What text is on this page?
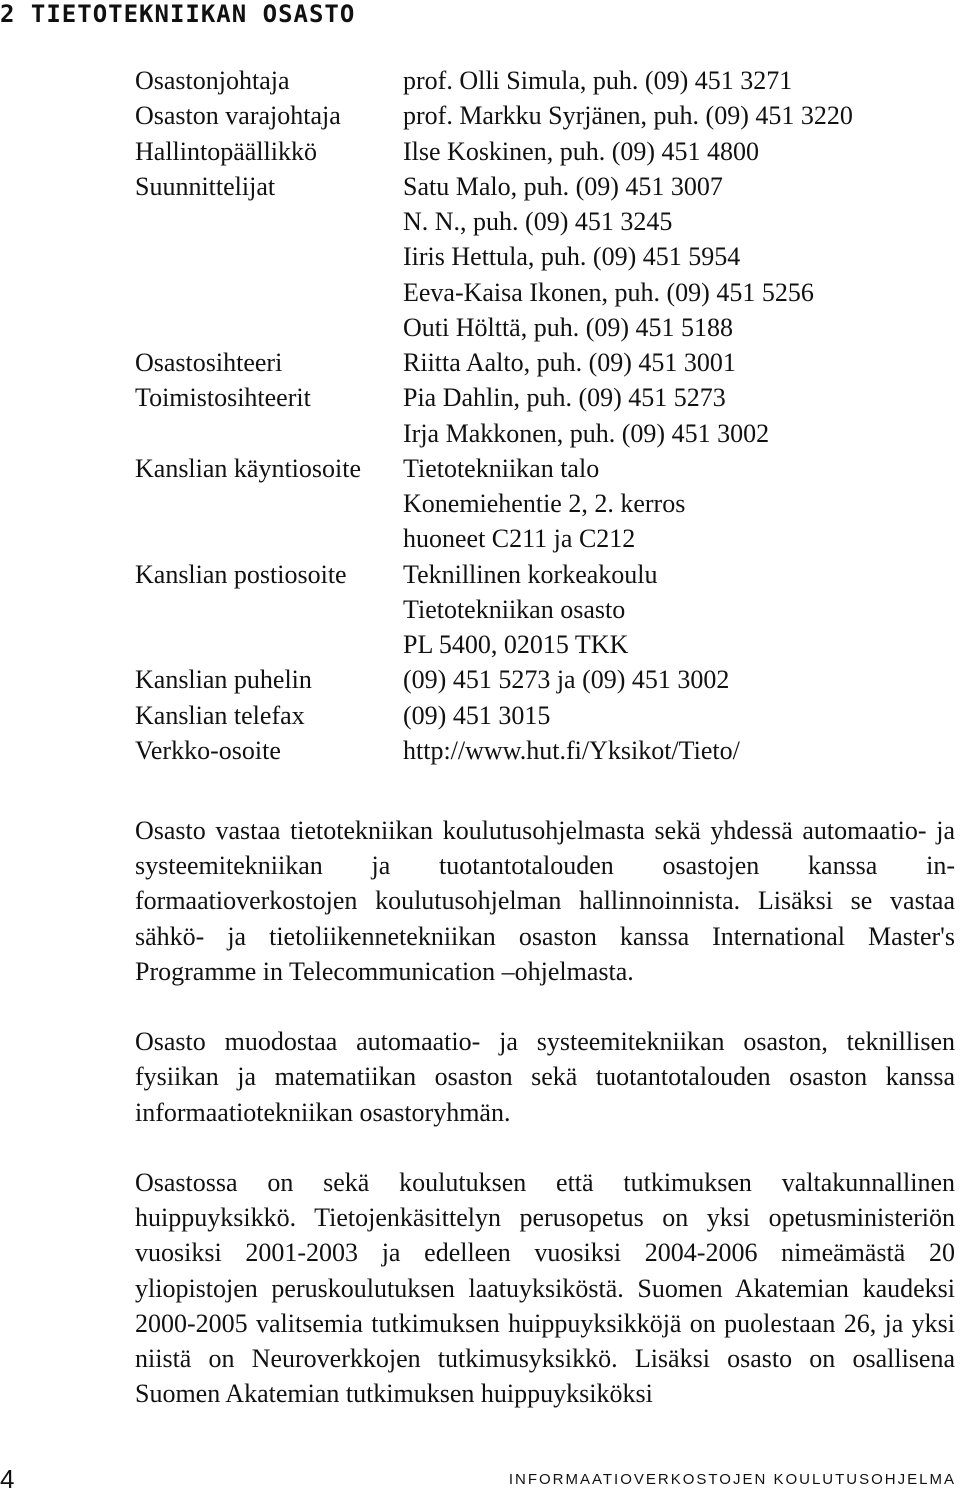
2 TIETOTEKNIIKAN OSASTO
Osastonjohtaja	prof. Olli Simula, puh. (09) 451 3271
Osaston varajohtaja	prof. Markku Syrjänen, puh. (09) 451 3220
Hallintopäällikkö	Ilse Koskinen, puh. (09) 451 4800
Suunnittelijat	Satu Malo, puh. (09) 451 3007
N. N., puh. (09) 451 3245
Iiris Hettula, puh. (09) 451 5954
Eeva-Kaisa Ikonen, puh. (09) 451 5256
Outi Hölttä, puh. (09) 451 5188
Osastosihteeri	Riitta Aalto, puh. (09) 451 3001
Toimistosihteerit	Pia Dahlin, puh. (09) 451 5273
Irja Makkonen, puh. (09) 451 3002
Kanslian käyntiosoite	Tietotekniikan talo
Konemiehentie 2, 2. kerros
huoneet C211 ja C212
Kanslian postiosoite	Teknillinen korkeakoulu
Tietotekniikan osasto
PL 5400, 02015 TKK
Kanslian puhelin	(09) 451 5273 ja (09) 451 3002
Kanslian telefax	(09) 451 3015
Verkko-osoite	http://www.hut.fi/Yksikot/Tieto/

Osasto vastaa tietotekniikan koulutusohjelmasta sekä yhdessä automaatio- ja systeemitekniikan ja tuotantotalouden osastojen kanssa informaatioverkostojen koulutusohjelman hallinnoinnista. Lisäksi se vastaa sähkö- ja tietoliikennetekniikan osaston kanssa International Master's Programme in Telecommunication –ohjelmasta.

Osasto muodostaa automaatio- ja systeemitekniikan osaston, teknillisen fysiikan ja matematiikan osaston sekä tuotantotalouden osaston kanssa informaatiotekniikan osastoryhmän.

Osastossa on sekä koulutuksen että tutkimuksen valtakunnallinen huippuyksikkö. Tietojenkäsittelyn perusopetus on yksi opetusministeriön vuosiksi 2001-2003 ja edelleen vuosiksi 2004-2006 nimeämästä 20 yliopistojen peruskoulutuksen laatuyksiköstä. Suomen Akatemian kaudeksi 2000-2005 valitsemia tutkimuksen huippuyksikköjä on puolestaan 26, ja yksi niistä on Neuroverkkojen tutkimusyksikkö. Lisäksi osasto on osallisena Suomen Akatemian tutkimuksen huippuyksiköksi

4	INFORMAATIOVERKOSTOJEN KOULUTUSOHJELMA
